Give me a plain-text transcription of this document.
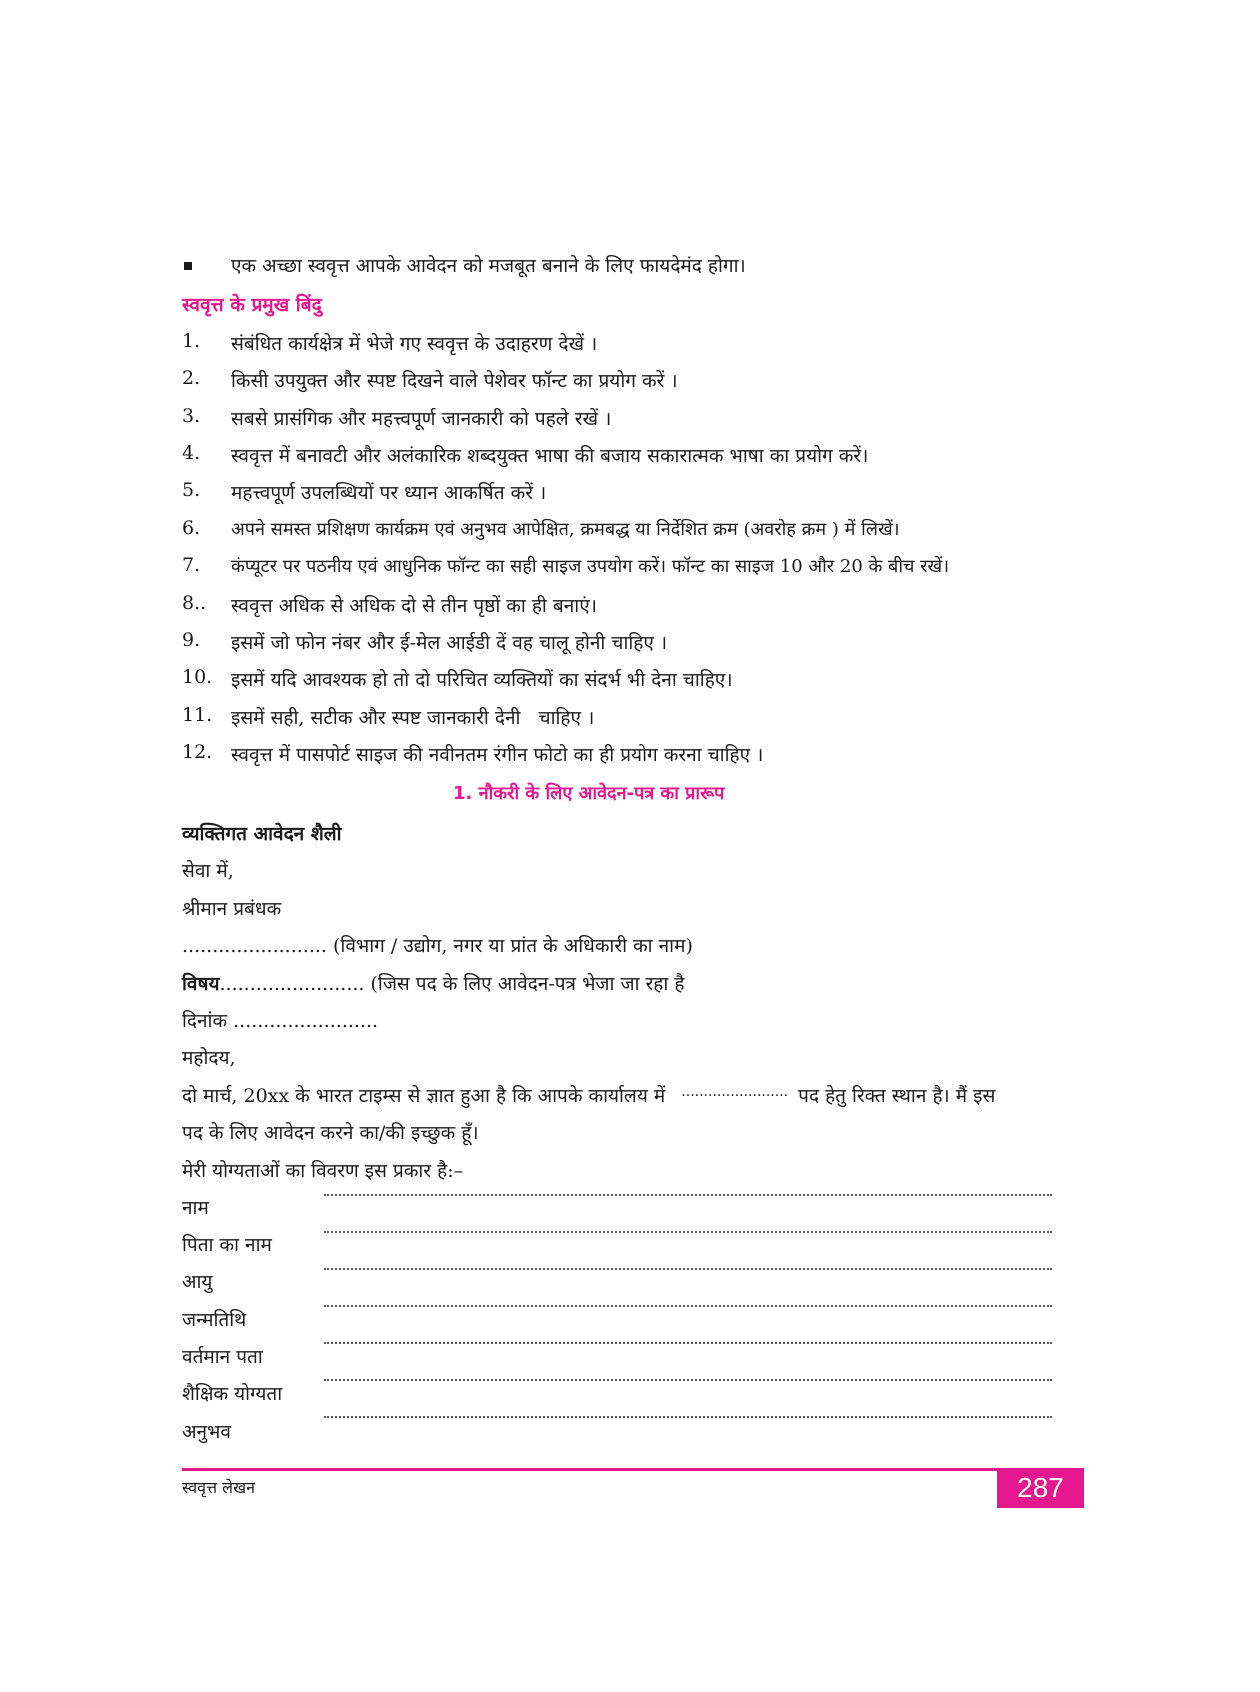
एक अच्छा स्ववृत्त आपके आवेदन को मजबूत बनाने के लिए फायदेमंद होगा।
स्ववृत्त के प्रमुख बिंदु
1. संबंधित कार्यक्षेत्र में भेजे गए स्ववृत्त के उदाहरण देखें ।
2. किसी उपयुक्त और स्पष्ट दिखने वाले पेशेवर फॉन्ट का प्रयोग करें ।
3. सबसे प्रासंगिक और महत्त्वपूर्ण जानकारी को पहले रखें ।
4. स्ववृत्त में बनावटी और अलंकारिक शब्दयुक्त भाषा की बजाय सकारात्मक भाषा का प्रयोग करें।
5. महत्त्वपूर्ण उपलब्धियों पर ध्यान आकर्षित करें ।
6. अपने समस्त प्रशिक्षण कार्यक्रम एवं अनुभव आपेक्षित, क्रमबद्ध या निर्देशित क्रम (अवरोह क्रम ) में लिखें।
7. कंप्यूटर पर पठनीय एवं आधुनिक फॉन्ट का सही साइज उपयोग करें। फॉन्ट का साइज 10 और 20 के बीच रखें।
8.. स्ववृत्त अधिक से अधिक दो से तीन पृष्ठों का ही बनाएं।
9. इसमें जो फोन नंबर और ई-मेल आईडी दें वह चालू होनी चाहिए ।
10. इसमें यदि आवश्यक हो तो दो परिचित व्यक्तियों का संदर्भ भी देना चाहिए।
11. इसमें सही, सटीक और स्पष्ट जानकारी देनी   चाहिए ।
12. स्ववृत्त में पासपोर्ट साइज की नवीनतम रंगीन फोटो का ही प्रयोग करना चाहिए ।
1. नौकरी के लिए आवेदन-पत्र का प्रारूप
व्यक्तिगत आवेदन शैली
सेवा में,
श्रीमान प्रबंधक
........................ (विभाग / उद्योग, नगर या प्रांत के अधिकारी का नाम)
विषय........................ (जिस पद के लिए आवेदन-पत्र भेजा जा रहा है
दिनांक ........................
महोदय,
दो मार्च, 20xx के भारत टाइम्स से ज्ञात हुआ है कि आपके कार्यालय में ........................ पद हेतु रिक्त स्थान है। मैं इस
पद के लिए आवेदन करने का/की इच्छुक हूँ।
मेरी योग्यताओं का विवरण इस प्रकार है:–
नाम
पिता का नाम
आयु
जन्मतिथि
वर्तमान पता
शैक्षिक योग्यता
अनुभव
स्ववृत्त लेखन	287
